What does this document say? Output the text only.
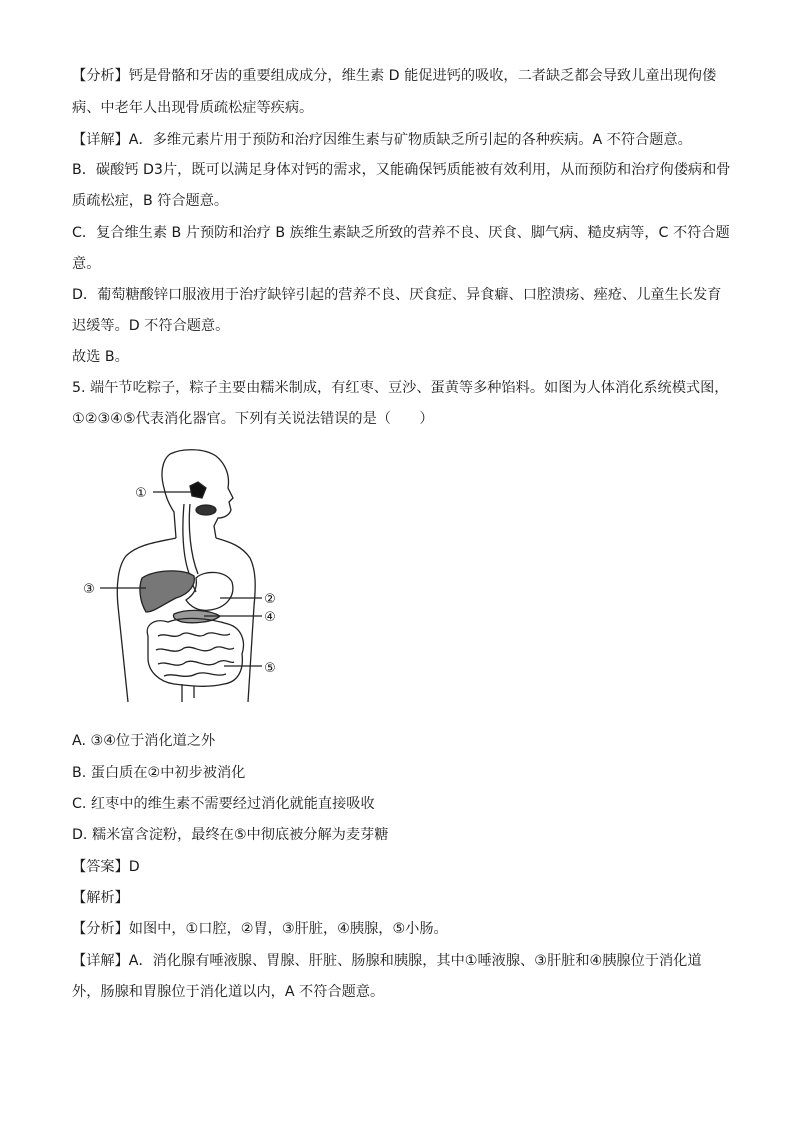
【分析】钙是骨骼和牙齿的重要组成成分，维生素 D 能促进钙的吸收，二者缺乏都会导致儿童出现佝偻
病、中老年人出现骨质疏松症等疾病。
【详解】A．多维元素片用于预防和治疗因维生素与矿物质缺乏所引起的各种疾病。A 不符合题意。
B．碳酸钙 D3片，既可以满足身体对钙的需求，又能确保钙质能被有效利用，从而预防和治疗佝偻病和骨
质疏松症，B 符合题意。
C．复合维生素 B 片预防和治疗 B 族维生素缺乏所致的营养不良、厌食、脚气病、糙皮病等，C 不符合题
意。
D．葡萄糖酸锌口服液用于治疗缺锌引起的营养不良、厌食症、异食癖、口腔溃疡、痤疮、儿童生长发育
迟缓等。D 不符合题意。
故选 B。
5. 端午节吃粽子，粽子主要由糯米制成，有红枣、豆沙、蛋黄等多种馅料。如图为人体消化系统模式图，
①②③④⑤代表消化器官。下列有关说法错误的是（　　）
①
③
②
④
⑤
A. ③④位于消化道之外
B. 蛋白质在②中初步被消化
C. 红枣中的维生素不需要经过消化就能直接吸收
D. 糯米富含淀粉，最终在⑤中彻底被分解为麦芽糖
【答案】D
【解析】
【分析】如图中，①口腔，②胃，③肝脏，④胰腺，⑤小肠。
【详解】A．消化腺有唾液腺、胃腺、肝脏、肠腺和胰腺，其中①唾液腺、③肝脏和④胰腺位于消化道
外，肠腺和胃腺位于消化道以内，A 不符合题意。
